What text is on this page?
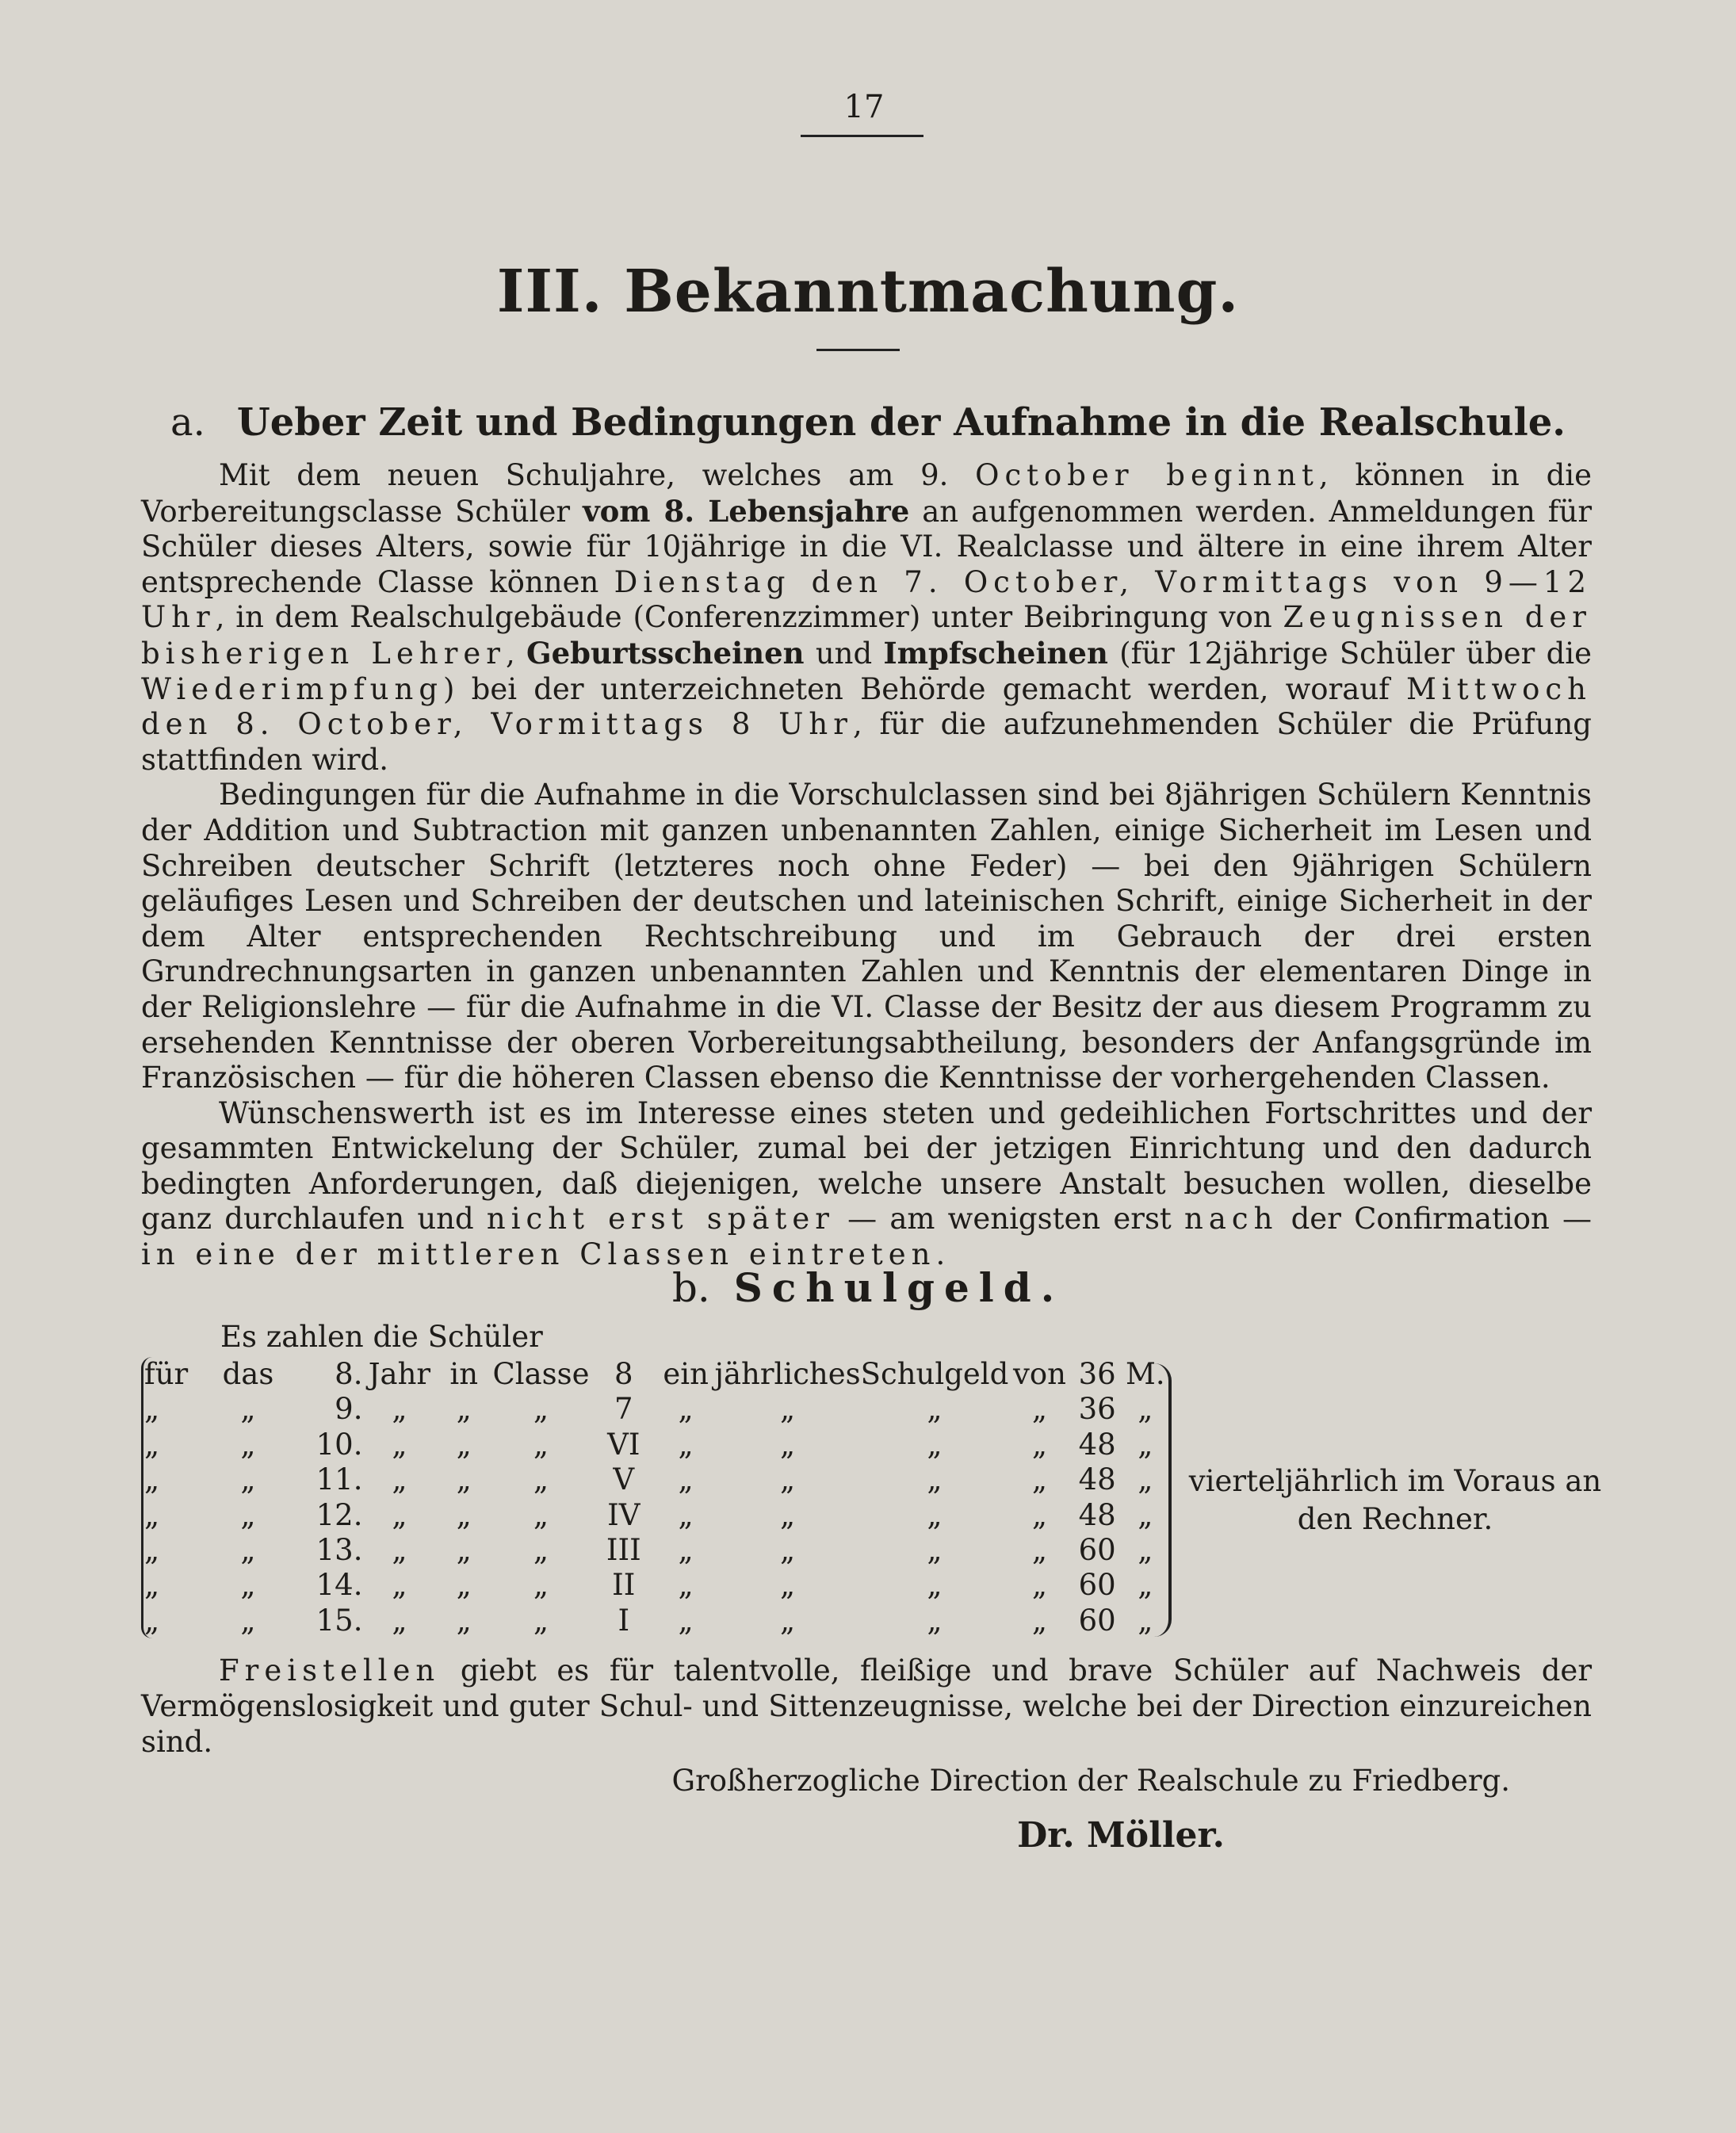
17
III. Bekanntmachung.
a. Ueber Zeit und Bedingungen der Aufnahme in die Realschule.

Mit dem neuen Schuljahre, welches am 9. October beginnt, können in die Vorbereitungsclasse Schüler vom 8. Lebensjahre an aufgenommen werden. Anmeldungen für Schüler dieses Alters, sowie für 10jährige in die VI. Realclasse und ältere in eine ihrem Alter entsprechende Classe können Dienstag den 7. October, Vormittags von 9—12 Uhr, in dem Realschulgebäude (Conferenzzimmer) unter Beibringung von Zeugnissen der bisherigen Lehrer, Geburtsscheinen und Impfscheinen (für 12jährige Schüler über die Wiederimpfung) bei der unterzeichneten Behörde gemacht werden, worauf Mittwoch den 8. October, Vormittags 8 Uhr, für die aufzunehmenden Schüler die Prüfung stattfinden wird.

Bedingungen für die Aufnahme in die Vorschulclassen sind bei 8jährigen Schülern Kenntnis der Addition und Subtraction mit ganzen unbenannten Zahlen, einige Sicherheit im Lesen und Schreiben deutscher Schrift (letzteres noch ohne Feder) — bei den 9jährigen Schülern geläufiges Lesen und Schreiben der deutschen und lateinischen Schrift, einige Sicherheit in der dem Alter entsprechenden Rechtschreibung und im Gebrauch der drei ersten Grundrechnungsarten in ganzen unbenannten Zahlen und Kenntnis der elementaren Dinge in der Religionslehre — für die Aufnahme in die VI. Classe der Besitz der aus diesem Programm zu ersehenden Kenntnisse der oberen Vorbereitungsabtheilung, besonders der Anfangsgründe im Französischen — für die höheren Classen ebenso die Kenntnisse der vorhergehenden Classen.

Wünschenswerth ist es im Interesse eines steten und gedeihlichen Fortschrittes und der gesammten Entwickelung der Schüler, zumal bei der jetzigen Einrichtung und den dadurch bedingten Anforderungen, daß diejenigen, welche unsere Anstalt besuchen wollen, dieselbe ganz durchlaufen und nicht erst später — am wenigsten erst nach der Confirmation — in eine der mittleren Classen eintreten.

b. Schulgeld.
Es zahlen die Schüler
für	das	8.	Jahr	in	Classe	8	ein	jährliches	Schulgeld	von	36	M.
„	„	9.	„	„	„	7	„	„	„	„	36	„
„	„	10.	„	„	„	VI	„	„	„	„	48	„
„	„	11.	„	„	„	V	„	„	„	„	48	„
„	„	12.	„	„	„	IV	„	„	„	„	48	„
„	„	13.	„	„	„	III	„	„	„	„	60	„
„	„	14.	„	„	„	II	„	„	„	„	60	„
„	„	15.	„	„	„	I	„	„	„	„	60	„
vierteljährlich im Voraus an
den Rechner.

Freistellen giebt es für talentvolle, fleißige und brave Schüler auf Nachweis der Vermögenslosigkeit und guter Schul- und Sittenzeugnisse, welche bei der Direction einzureichen sind.

Großherzogliche Direction der Realschule zu Friedberg.
Dr. Möller.
